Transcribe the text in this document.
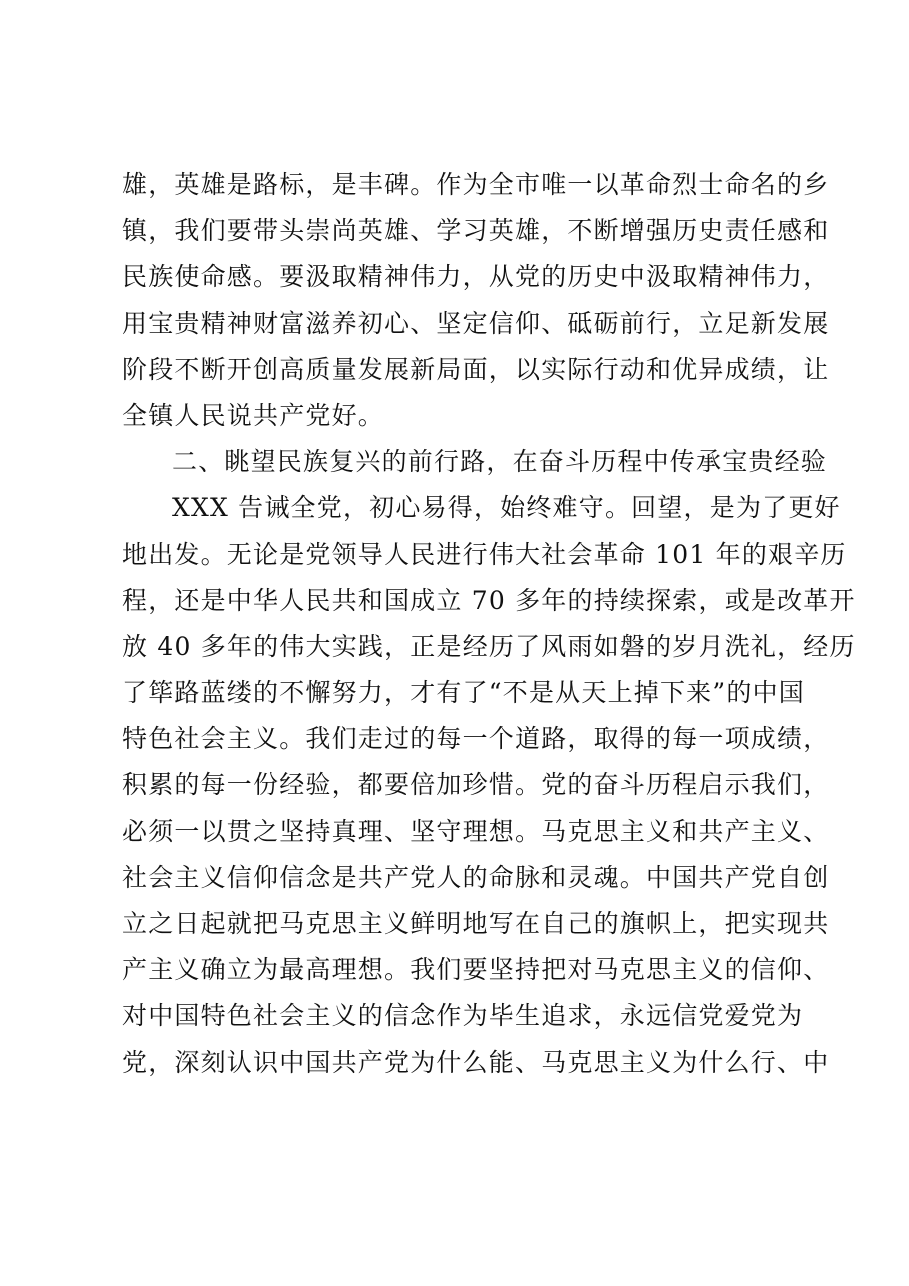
雄，英雄是路标，是丰碑。作为全市唯一以革命烈士命名的乡
镇，我们要带头崇尚英雄、学习英雄，不断增强历史责任感和
民族使命感。要汲取精神伟力，从党的历史中汲取精神伟力，
用宝贵精神财富滋养初心、坚定信仰、砥砺前行，立足新发展
阶段不断开创高质量发展新局面，以实际行动和优异成绩，让
全镇人民说共产党好。
二、眺望民族复兴的前行路，在奋斗历程中传承宝贵经验
XXX 告诫全党，初心易得，始终难守。回望，是为了更好
地出发。无论是党领导人民进行伟大社会革命 101 年的艰辛历
程，还是中华人民共和国成立 70 多年的持续探索，或是改革开
放 40 多年的伟大实践，正是经历了风雨如磐的岁月洗礼，经历
了筚路蓝缕的不懈努力，才有了“不是从天上掉下来”的中国
特色社会主义。我们走过的每一个道路，取得的每一项成绩，
积累的每一份经验，都要倍加珍惜。党的奋斗历程启示我们，
必须一以贯之坚持真理、坚守理想。马克思主义和共产主义、
社会主义信仰信念是共产党人的命脉和灵魂。中国共产党自创
立之日起就把马克思主义鲜明地写在自己的旗帜上，把实现共
产主义确立为最高理想。我们要坚持把对马克思主义的信仰、
对中国特色社会主义的信念作为毕生追求，永远信党爱党为
党，深刻认识中国共产党为什么能、马克思主义为什么行、中
